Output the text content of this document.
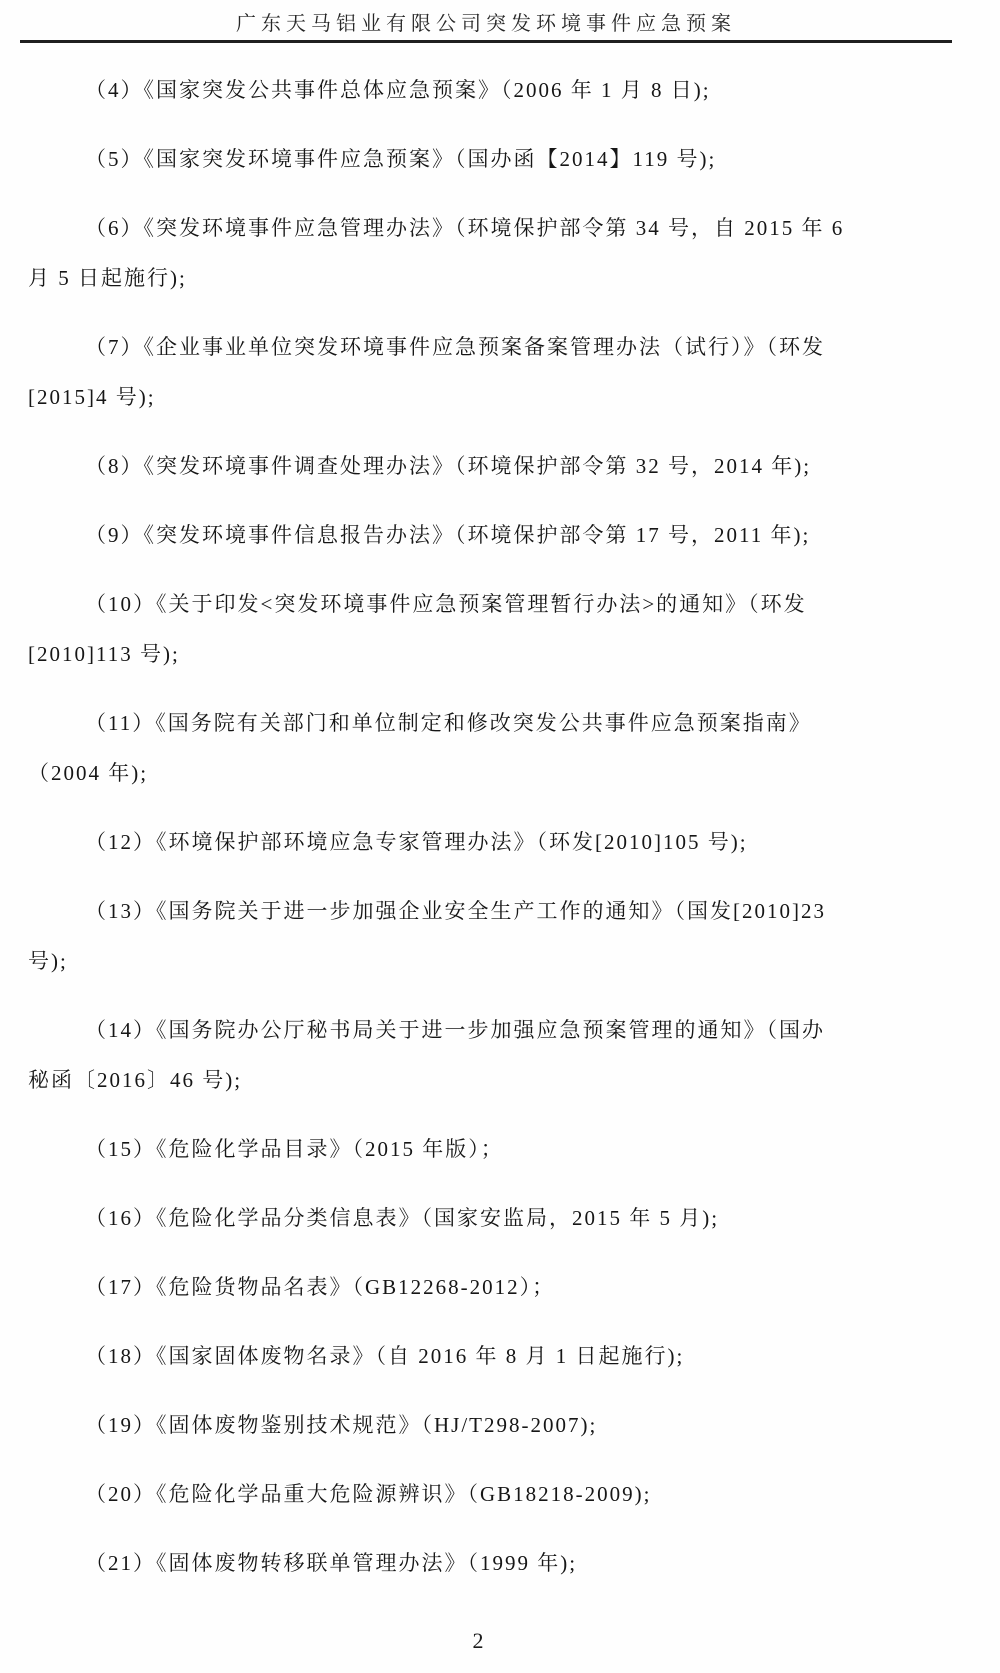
广东天马铝业有限公司突发环境事件应急预案
（4）《国家突发公共事件总体应急预案》（2006 年 1 月 8 日);
（5）《国家突发环境事件应急预案》（国办函【2014】119 号);
（6）《突发环境事件应急管理办法》（环境保护部令第 34 号，自 2015 年 6
月 5 日起施行);
（7）《企业事业单位突发环境事件应急预案备案管理办法（试行）》（环发
[2015]4 号);
（8）《突发环境事件调查处理办法》（环境保护部令第 32 号，2014 年);
（9）《突发环境事件信息报告办法》（环境保护部令第 17 号，2011 年);
（10）《关于印发<突发环境事件应急预案管理暂行办法>的通知》（环发
[2010]113 号);
（11）《国务院有关部门和单位制定和修改突发公共事件应急预案指南》
（2004 年);
（12）《环境保护部环境应急专家管理办法》（环发[2010]105 号);
（13）《国务院关于进一步加强企业安全生产工作的通知》（国发[2010]23
号);
（14）《国务院办公厅秘书局关于进一步加强应急预案管理的通知》（国办
秘函〔2016〕46 号);
（15）《危险化学品目录》（2015 年版）；
（16）《危险化学品分类信息表》（国家安监局，2015 年 5 月);
（17）《危险货物品名表》（GB12268-2012）；
（18）《国家固体废物名录》（自 2016 年 8 月 1 日起施行);
（19）《固体废物鉴别技术规范》（HJ/T298-2007);
（20）《危险化学品重大危险源辨识》（GB18218-2009);
（21）《固体废物转移联单管理办法》（1999 年);
2
